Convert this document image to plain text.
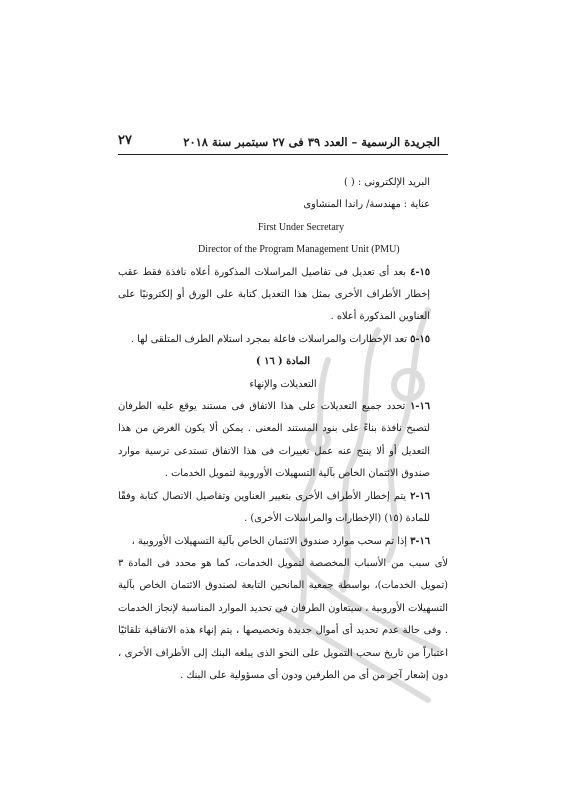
الجريدة الرسمية – العدد ٣٩ فى ٢٧ سبتمبر سنة ٢٠١٨
٢٧

البريد الإلكترونى : ( )

عناية : مهندسة/ راندا المنشاوى

First Under Secretary

Director of the Program Management Unit (PMU)

١٥-٤ بعد أى تعديل فى تفاصيل المراسلات المذكورة أعلاه نافذة فقط عقب إخطار الأطراف الأخرى بمثل هذا التعديل كتابة على الورق أو إلكترونيًا على العناوين المذكورة أعلاه .

١٥-٥ تعد الإخطارات والمراسلات فاعلة بمجرد استلام الطرف المتلقى لها .

المادة ( ١٦ )

التعديلات والإنهاء

١٦-١ تحدد جميع التعديلات على هذا الاتفاق فى مستند يوقع عليه الطرفان لتصبح نافذة بناءً على بنود المستند المعنى . يمكن ألا يكون الغرض من هذا التعديل أو ألا ينتج عنه عمل تغييرات فى هذا الاتفاق تستدعى ترسية موارد صندوق الائتمان الخاص بآلية التسهيلات الأوروبية لتمويل الخدمات .

١٦-٢ يتم إخطار الأطراف الأخرى بتغيير العناوين وتفاصيل الاتصال كتابة وفقًا للمادة (١٥) (الإخطارات والمراسلات الأخرى) .

١٦-٣ إذا تم سحب موارد صندوق الائتمان الخاص بآلية التسهيلات الأوروبية ،

لأى سبب من الأسباب المخصصة لتمويل الخدمات، كما هو محدد فى المادة ٣ (تمويل الخدمات)، بواسطة جمعية المانحين التابعة لصندوق الائتمان الخاص بآلية التسهيلات الأوروبية ، سيتعاون الطرفان فى تحديد الموارد المناسبة لإنجاز الخدمات . وفى حالة عدم تحديد أى أموال جديدة وتخصيصها ، يتم إنهاء هذه الاتفاقية تلقائيًا اعتباراً من تاريخ سحب التمويل على النحو الذى يبلغه البنك إلى الأطراف الأخرى ، دون إشعار آخر من أى من الطرفين ودون أى مسؤولية على البنك .
